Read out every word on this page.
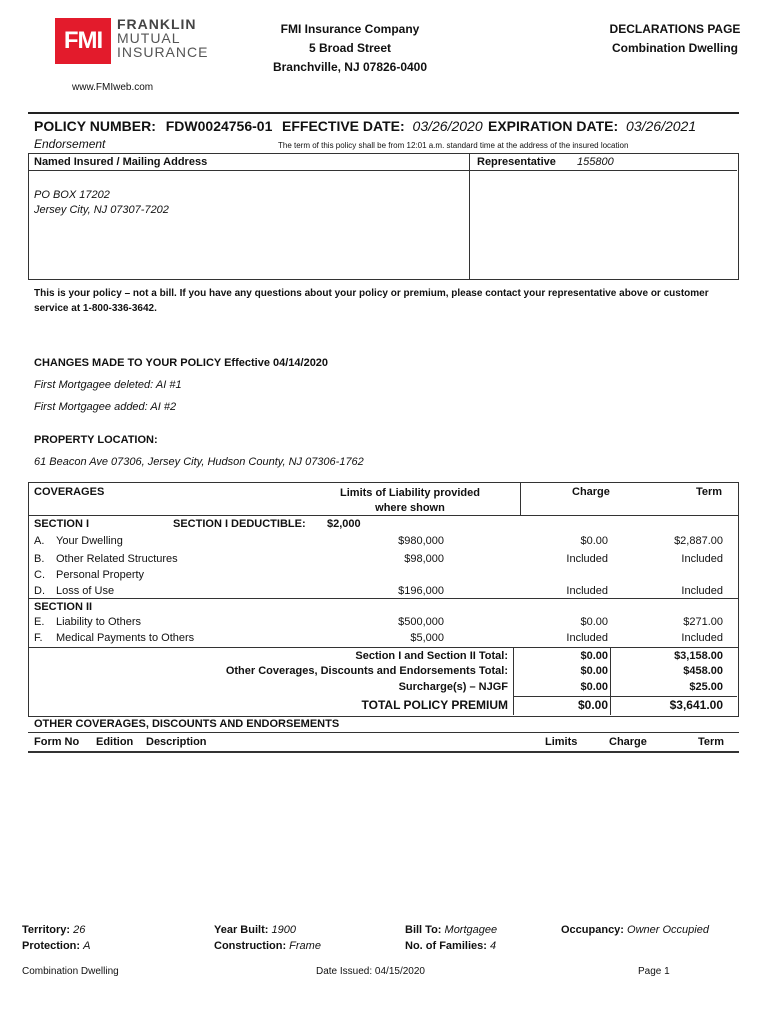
FMI
FRANKLIN
MUTUAL
INSURANCE
FMI Insurance Company
5 Broad Street
Branchville, NJ 07826-0400
DECLARATIONS PAGE
Combination Dwelling
www.FMIweb.com
POLICY NUMBER: FDW0024756-01 EFFECTIVE DATE: 03/26/2020 EXPIRATION DATE: 03/26/2021
Endorsement	The term of this policy shall be from 12:01 a.m. standard time at the address of the insured location
Named Insured / Mailing Address	Representative 155800
PO BOX 17202
Jersey City, NJ 07307-7202
This is your policy – not a bill. If you have any questions about your policy or premium, please contact your representative above or customer service at 1-800-336-3642.
CHANGES MADE TO YOUR POLICY Effective 04/14/2020
First Mortgagee deleted: AI #1
First Mortgagee added: AI #2
PROPERTY LOCATION:
61 Beacon Ave 07306, Jersey City, Hudson County, NJ 07306-1762
COVERAGES	Limits of Liability provided where shown
Charge	Term
SECTION I	SECTION I DEDUCTIBLE: $2,000
A. Your Dwelling	$980,000	$0.00	$2,887.00
B. Other Related Structures	$98,000	Included	Included
C. Personal Property
D. Loss of Use	$196,000	Included	Included
SECTION II
E. Liability to Others	$500,000	$0.00	$271.00
F. Medical Payments to Others	$5,000	Included	Included
Section I and Section II Total:	$0.00	$3,158.00
Other Coverages, Discounts and Endorsements Total:	$0.00	$458.00
Surcharge(s) – NJGF	$0.00	$25.00
TOTAL POLICY PREMIUM	$0.00	$3,641.00
OTHER COVERAGES, DISCOUNTS AND ENDORSEMENTS
Form No Edition Description	Limits	Charge	Term
Territory: 26
Protection: A
Year Built: 1900
Construction: Frame
Bill To: Mortgagee
No. of Families: 4
Occupancy: Owner Occupied
Combination Dwelling	Date Issued: 04/15/2020	Page 1
